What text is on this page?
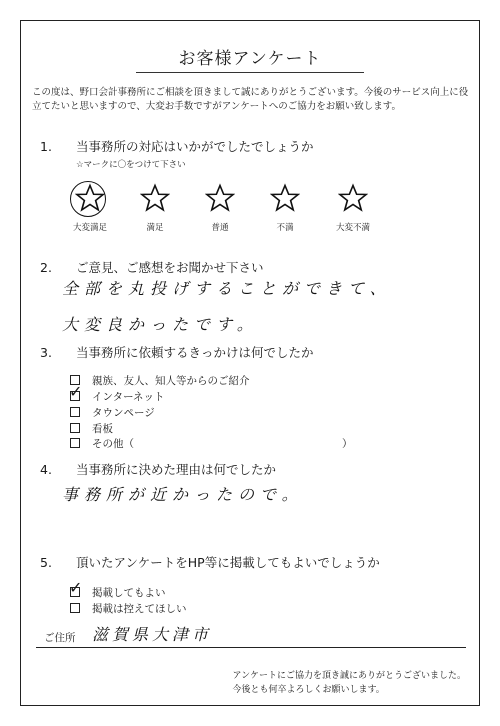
お客様アンケート
この度は、野口会計事務所にご相談を頂きまして誠にありがとうございます。今後のサービス向上に役立てたいと思いますので、大変お手数ですがアンケートへのご協力をお願い致します。
1. 当事務所の対応はいかがでしたでしょうか
☆マークに〇をつけて下さい
大変満足	満足	普通	不満	大変不満
2. ご意見、ご感想をお聞かせ下さい
全部を丸投げすることができて、
大変良かったです。
3. 当事務所に依頼するきっかけは何でしたか
親族、友人、知人等からのご紹介
✓ インターネット
タウンページ
看板
その他（	）
4. 当事務所に決めた理由は何でしたか
事務所が近かったので。
5. 頂いたアンケートをHP等に掲載してもよいでしょうか
✓ 掲載してもよい
掲載は控えてほしい
ご住所 滋賀県大津市
アンケートにご協力を頂き誠にありがとうございました。
今後とも何卒よろしくお願いします。
